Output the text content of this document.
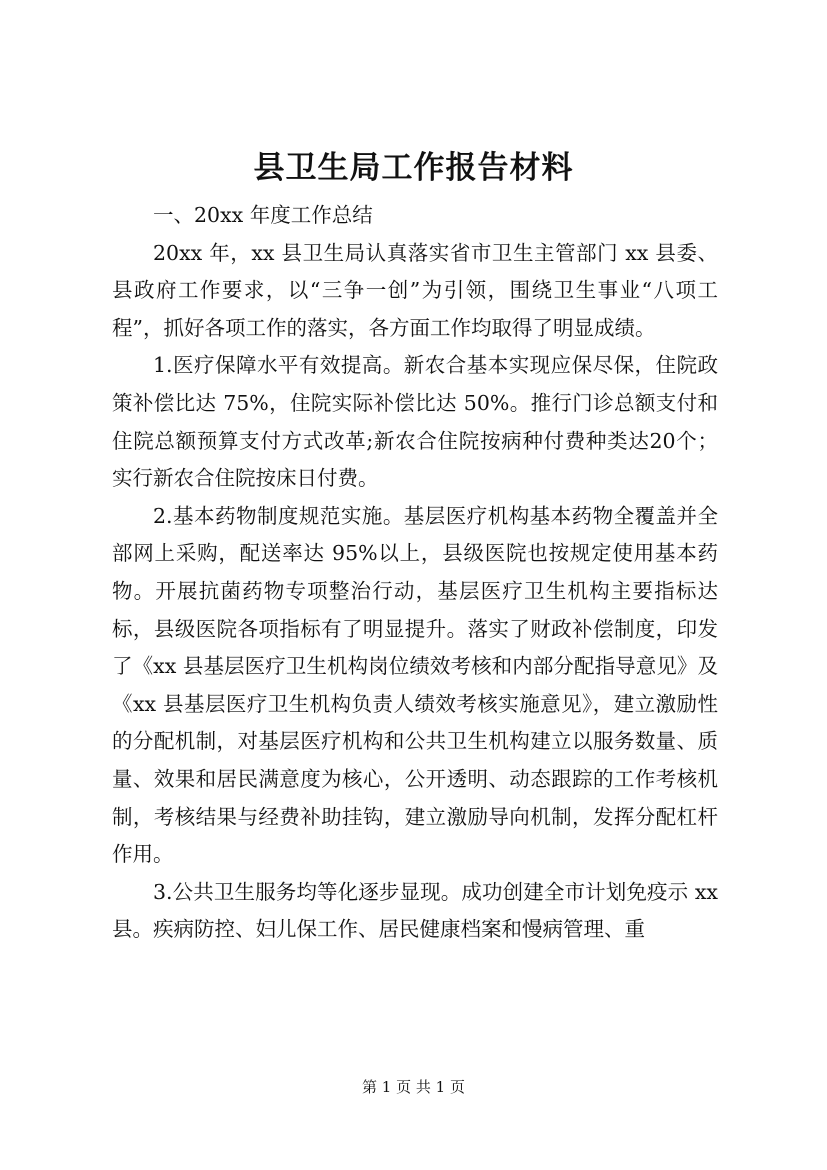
县卫生局工作报告材料

一、20xx 年度工作总结

20xx 年，xx 县卫生局认真落实省市卫生主管部门 xx 县委、县政府工作要求，以“三争一创”为引领，围绕卫生事业“八项工程”，抓好各项工作的落实，各方面工作均取得了明显成绩。

1.医疗保障水平有效提高。新农合基本实现应保尽保，住院政策补偿比达 75%，住院实际补偿比达 50%。推行门诊总额支付和住院总额预算支付方式改革;新农合住院按病种付费种类达20个；实行新农合住院按床日付费。

2.基本药物制度规范实施。基层医疗机构基本药物全覆盖并全部网上采购，配送率达 95%以上，县级医院也按规定使用基本药物。开展抗菌药物专项整治行动，基层医疗卫生机构主要指标达标，县级医院各项指标有了明显提升。落实了财政补偿制度，印发了《xx 县基层医疗卫生机构岗位绩效考核和内部分配指导意见》及《xx 县基层医疗卫生机构负责人绩效考核实施意见》，建立激励性的分配机制，对基层医疗机构和公共卫生机构建立以服务数量、质量、效果和居民满意度为核心，公开透明、动态跟踪的工作考核机制，考核结果与经费补助挂钩，建立激励导向机制，发挥分配杠杆作用。

3.公共卫生服务均等化逐步显现。成功创建全市计划免疫示 xx 县。疾病防控、妇儿保工作、居民健康档案和慢病管理、重

第 1 页 共 1 页
